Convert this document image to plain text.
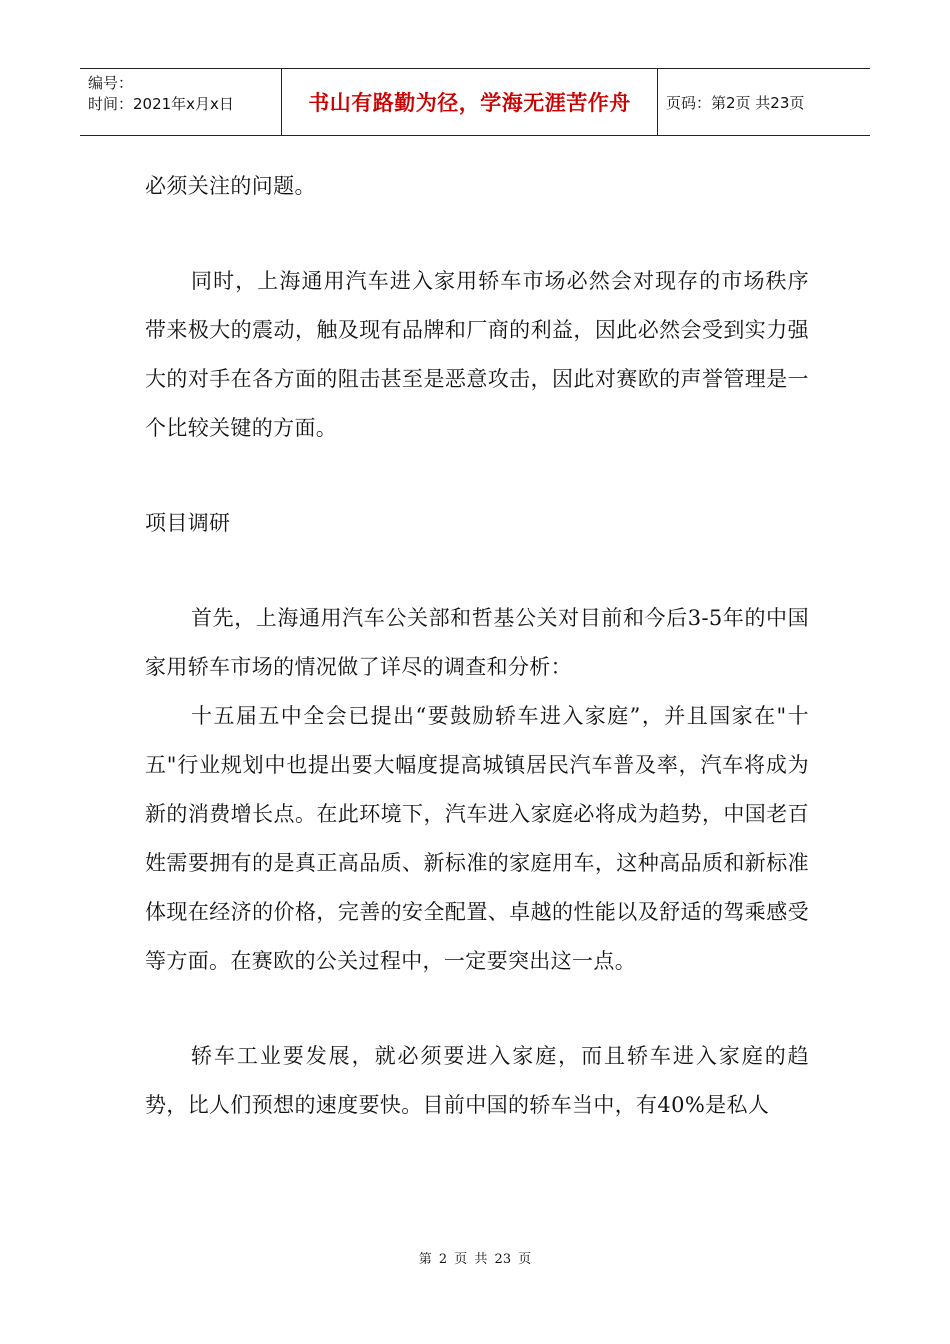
编号：
时间：2021年x月x日	书山有路勤为径，学海无涯苦作舟 页码：第2页 共23页

必须关注的问题。

同时，上海通用汽车进入家用轿车市场必然会对现存的市场秩序带来极大的震动，触及现有品牌和厂商的利益，因此必然会受到实力强大的对手在各方面的阻击甚至是恶意攻击，因此对赛欧的声誉管理是一个比较关键的方面。

项目调研

首先，上海通用汽车公关部和哲基公关对目前和今后3-5年的中国家用轿车市场的情况做了详尽的调查和分析：

十五届五中全会已提出“要鼓励轿车进入家庭”，并且国家在"十五"行业规划中也提出要大幅度提高城镇居民汽车普及率，汽车将成为新的消费增长点。在此环境下，汽车进入家庭必将成为趋势，中国老百姓需要拥有的是真正高品质、新标准的家庭用车，这种高品质和新标准体现在经济的价格，完善的安全配置、卓越的性能以及舒适的驾乘感受等方面。在赛欧的公关过程中，一定要突出这一点。

轿车工业要发展，就必须要进入家庭，而且轿车进入家庭的趋势，比人们预想的速度要快。目前中国的轿车当中，有40%是私人

第 2 页 共 23 页
